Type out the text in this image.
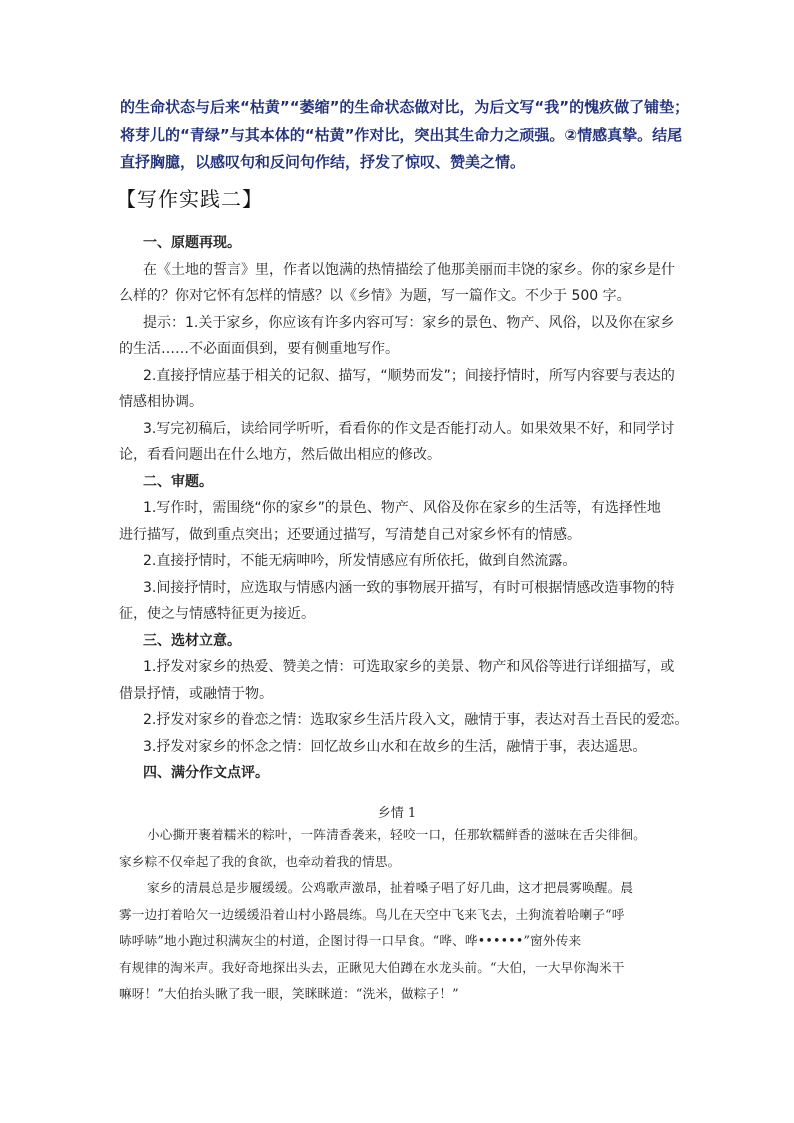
的生命状态与后来“枯黄”“萎缩”的生命状态做对比，为后文写“我”的愧疚做了铺垫；

将芽儿的“青绿”与其本体的“枯黄”作对比，突出其生命力之顽强。②情感真挚。结尾

直抒胸臆，以感叹句和反问句作结，抒发了惊叹、赞美之情。

【写作实践二】

一、原题再现。

在《土地的誓言》里，作者以饱满的热情描绘了他那美丽而丰饶的家乡。你的家乡是什

么样的？你对它怀有怎样的情感？以《乡情》为题，写一篇作文。不少于 500 字。

提示：1.关于家乡，你应该有许多内容可写：家乡的景色、物产、风俗，以及你在家乡

的生活……不必面面俱到，要有侧重地写作。

2.直接抒情应基于相关的记叙、描写，“顺势而发”；间接抒情时，所写内容要与表达的

情感相协调。

3.写完初稿后，读给同学听听，看看你的作文是否能打动人。如果效果不好，和同学讨

论，看看问题出在什么地方，然后做出相应的修改。

二、审题。

1.写作时，需围绕“你的家乡”的景色、物产、风俗及你在家乡的生活等，有选择性地

进行描写，做到重点突出；还要通过描写，写清楚自己对家乡怀有的情感。

2.直接抒情时，不能无病呻吟，所发情感应有所依托，做到自然流露。

3.间接抒情时，应选取与情感内涵一致的事物展开描写，有时可根据情感改造事物的特

征，使之与情感特征更为接近。

三、选材立意。

1.抒发对家乡的热爱、赞美之情：可选取家乡的美景、物产和风俗等进行详细描写，或

借景抒情，或融情于物。

2.抒发对家乡的眷恋之情：选取家乡生活片段入文，融情于事，表达对吾土吾民的爱恋。

3.抒发对家乡的怀念之情：回忆故乡山水和在故乡的生活，融情于事，表达遥思。

四、满分作文点评。

乡情 1

小心撕开裹着糯米的粽叶，一阵清香袭来，轻咬一口，任那软糯鲜香的滋味在舌尖徘徊。

家乡粽不仅牵起了我的食欲，也牵动着我的情思。

家乡的清晨总是步履缓缓。公鸡歌声激昂，扯着嗓子唱了好几曲，这才把晨雾唤醒。晨

雾一边打着哈欠一边缓缓沿着山村小路晨练。鸟儿在天空中飞来飞去，土狗流着哈喇子“呼

哧呼哧”地小跑过积满灰尘的村道，企图讨得一口早食。“哗、哗••••••”窗外传来

有规律的淘米声。我好奇地探出头去，正瞅见大伯蹲在水龙头前。“大伯，一大早你淘米干

嘛呀！”大伯抬头瞅了我一眼，笑眯眯道：“洗米，做粽子！”
